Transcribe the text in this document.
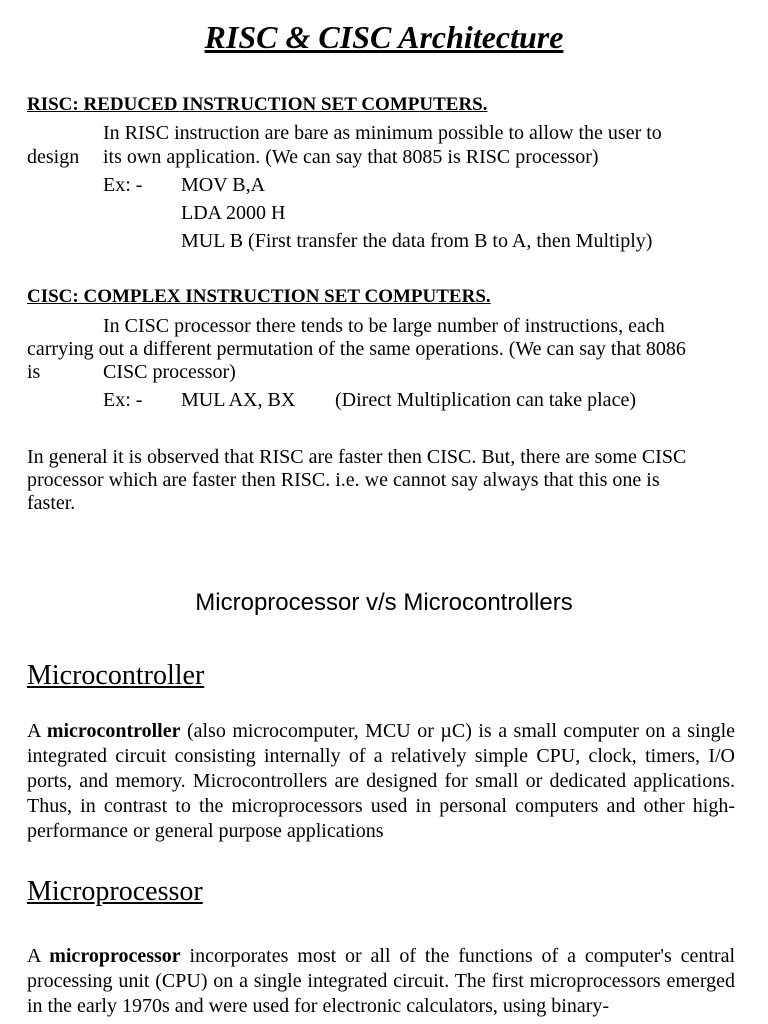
RISC & CISC Architecture
RISC: REDUCED INSTRUCTION SET COMPUTERS.
In RISC instruction are bare as minimum possible to allow the user to
design its own application. (We can say that 8085 is RISC processor)
Ex: - MOV B,A
LDA 2000 H
MUL B (First transfer the data from B to A, then Multiply)
CISC: COMPLEX INSTRUCTION SET COMPUTERS.
In CISC processor there tends to be large number of instructions, each
carrying out a different permutation of the same operations. (We can say that 8086
is	CISC processor)
Ex: - MUL AX, BX (Direct Multiplication can take place)
In general it is observed that RISC are faster then CISC. But, there are some CISC
processor which are faster then RISC. i.e. we cannot say always that this one is
faster.
Microprocessor v/s Microcontrollers
Microcontroller

A microcontroller (also microcomputer, MCU or µC) is a small computer on a single integrated circuit consisting internally of a relatively simple CPU, clock, timers, I/O ports, and memory. Microcontrollers are designed for small or dedicated applications. Thus, in contrast to the microprocessors used in personal computers and other high-performance or general purpose applications

Microprocessor

A microprocessor incorporates most or all of the functions of a computer's central processing unit (CPU) on a single integrated circuit. The first microprocessors emerged in the early 1970s and were used for electronic calculators, using binary-
